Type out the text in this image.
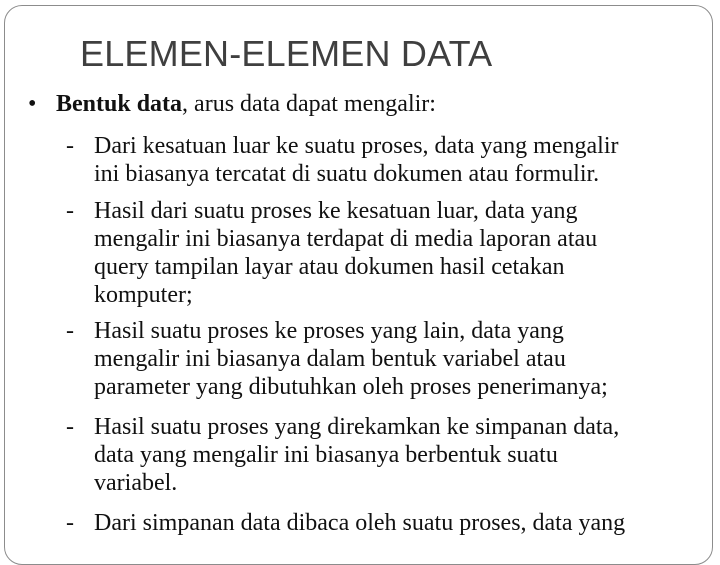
ELEMEN-ELEMEN DATA
• Bentuk data, arus data dapat mengalir:
- Dari kesatuan luar ke suatu proses, data yang mengalir
ini biasanya tercatat di suatu dokumen atau formulir.
- Hasil dari suatu proses ke kesatuan luar, data yang
mengalir ini biasanya terdapat di media laporan atau
query tampilan layar atau dokumen hasil cetakan
komputer;
- Hasil suatu proses ke proses yang lain, data yang
mengalir ini biasanya dalam bentuk variabel atau
parameter yang dibutuhkan oleh proses penerimanya;
- Hasil suatu proses yang direkamkan ke simpanan data,
data yang mengalir ini biasanya berbentuk suatu
variabel.
- Dari simpanan data dibaca oleh suatu proses, data yang
